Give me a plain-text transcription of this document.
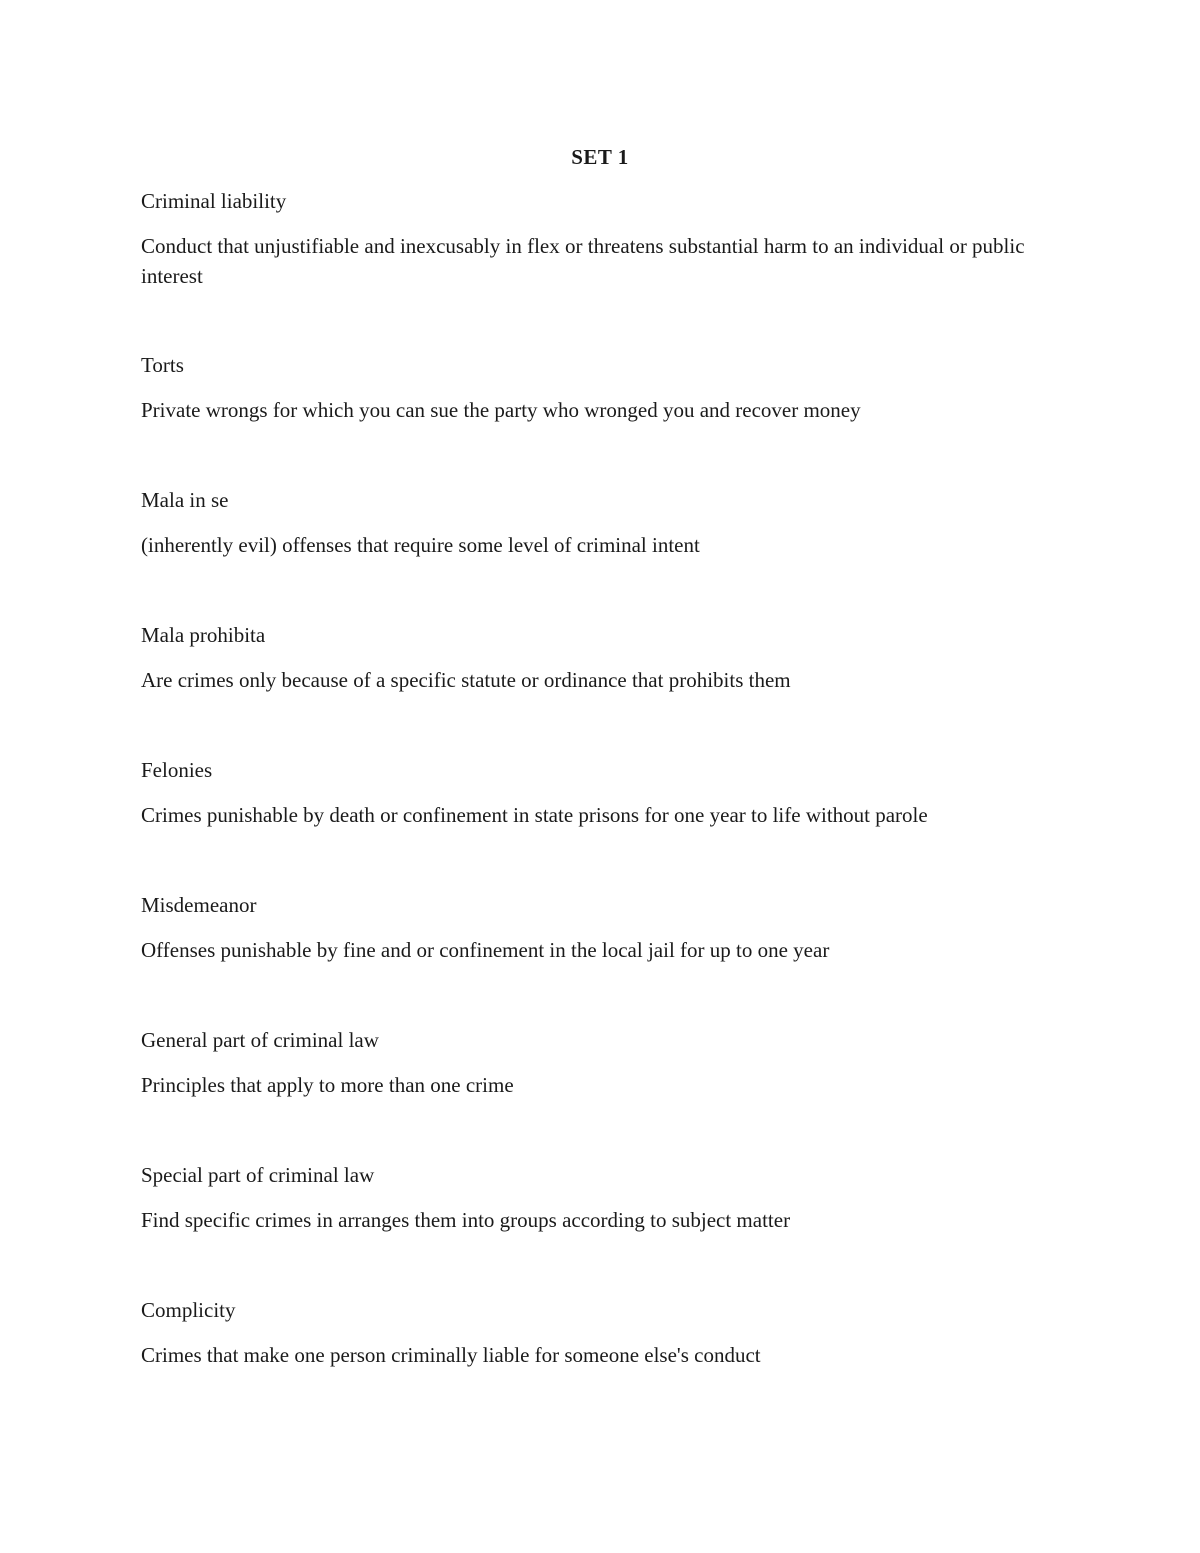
SET 1

Criminal liability

Conduct that unjustifiable and inexcusably in flex or threatens substantial harm to an individual or public interest

Torts

Private wrongs for which you can sue the party who wronged you and recover money

Mala in se

(inherently evil) offenses that require some level of criminal intent

Mala prohibita

Are crimes only because of a specific statute or ordinance that prohibits them

Felonies

Crimes punishable by death or confinement in state prisons for one year to life without parole

Misdemeanor

Offenses punishable by fine and or confinement in the local jail for up to one year

General part of criminal law

Principles that apply to more than one crime

Special part of criminal law

Find specific crimes in arranges them into groups according to subject matter

Complicity

Crimes that make one person criminally liable for someone else's conduct
